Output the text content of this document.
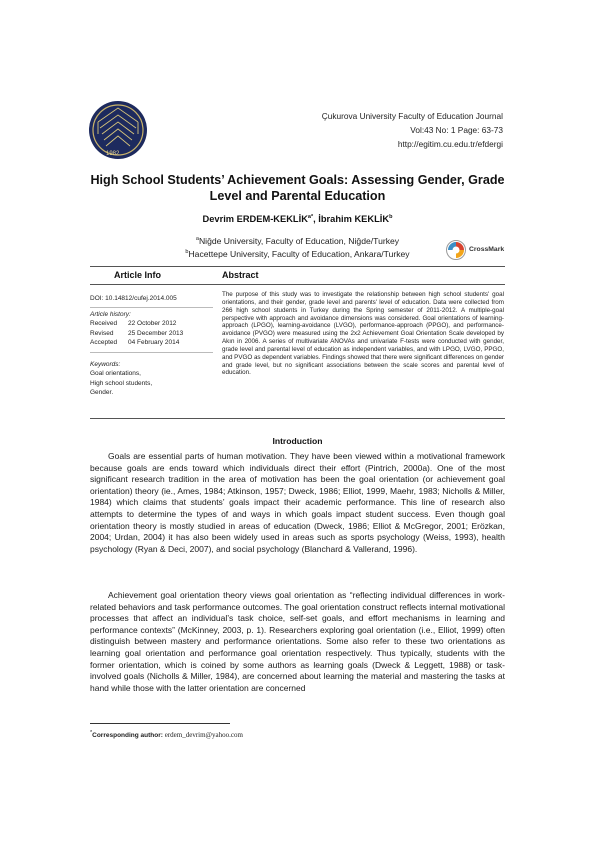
1982
Çukurova University Faculty of Education Journal
Vol:43 No: 1 Page: 63-73
http://egitim.cu.edu.tr/efdergi
High School Students’ Achievement Goals: Assessing Gender, Grade
Level and Parental Education
Devrim ERDEM-$KEKLİK^{a*}$, İbrahim KEKLİK$^b$
$^a$Niğde University, Faculty of Education, Niğde/Turkey
$^b$Hacettepe University, Faculty of Education, Ankara/Turkey	CrossMark
Article Info	Abstract
DOI: 10.14812/cufej.2014.005
Article history:
Received	22 October 2012
Revised	25 December 2013
Accepted	04 February 2014
Keywords:
Goal orientations,
High school students,
Gender.
The purpose of this study was to investigate the relationship between high school students' goal orientations, and their gender, grade level and parents' level of education. Data were collected from 266 high school students in Turkey during the Spring semester of 2011-2012. A multiple-goal perspective with approach and avoidance dimensions was considered. Goal orientations of learning-approach (LPGO), learning-avoidance (LVGO), performance-approach (PPGO), and performance-avoidance (PVGO) were measured using the 2x2 Achievement Goal Orientation Scale developed by Akın in 2006. A series of multivariate ANOVAs and univariate F-tests were conducted with gender, grade level and parental level of education as independent variables, and with LPGO, LVGO, PPGO, and PVGO as dependent variables. Findings showed that there were significant differences on gender and grade level, but no significant associations between the scale scores and parental level of education.
Introduction
Goals are essential parts of human motivation. They have been viewed within a motivational framework because goals are ends toward which individuals direct their effort (Pintrich, 2000a). One of the most significant research tradition in the area of motivation has been the goal orientation (or achievement goal orientation) theory (ie., Ames, 1984; Atkinson, 1957; Dweck, 1986; Elliot, 1999, Maehr, 1983; Nicholls & Miller, 1984) which claims that students’ goals impact their academic performance. This line of research also attempts to determine the types of and ways in which goals impact student success. Even though goal orientation theory is mostly studied in areas of education (Dweck, 1986; Elliot & McGregor, 2001; Erözkan, 2004; Urdan, 2004) it has also been widely used in areas such as sports psychology (Weiss, 1993), health psychology (Ryan & Deci, 2007), and social psychology (Blanchard & Vallerand, 1996).
Achievement goal orientation theory views goal orientation as “reflecting individual differences in work-related behaviors and task performance outcomes. The goal orientation construct reflects internal motivational processes that affect an individual’s task choice, self-set goals, and effort mechanisms in learning and performance contexts” (McKinney, 2003, p. 1). Researchers exploring goal orientation (i.e., Elliot, 1999) often distinguish between mastery and performance orientations. Some also refer to these two orientations as learning goal orientation and performance goal orientation respectively. Thus typically, students with the former orientation, which is coined by some authors as learning goals (Dweck & Leggett, 1988) or task-involved goals (Nicholls & Miller, 1984), are concerned about learning the material and mastering the tasks at hand while those with the latter orientation are concerned
*Corresponding author: erdem_devrim@yahoo.com
